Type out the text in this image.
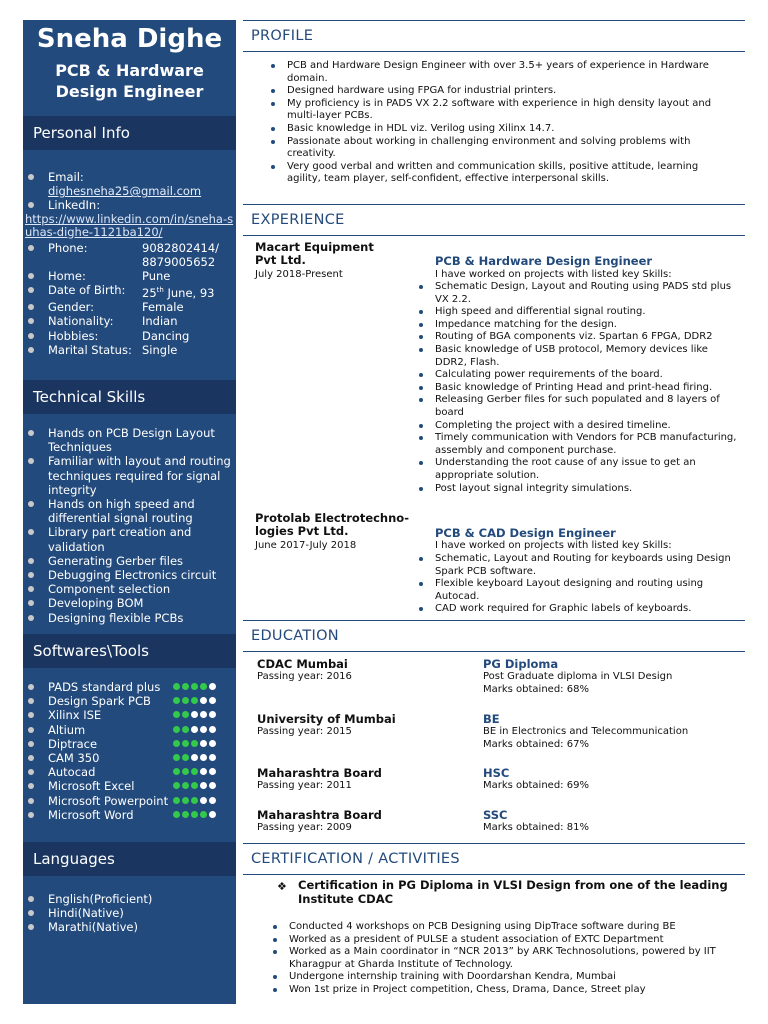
Sneha Dighe
PCB & Hardware
Design Engineer
Personal Info
Email:
dighesneha25@gmail.com
LinkedIn:
https://www.linkedin.com/in/sneha-suhas-dighe-1121ba120/
Phone:	9082802414/
8879005652
Home:	Pune
Date of Birth:	25th June, 93
Gender:	Female
Nationality:	Indian
Hobbies:	Dancing
Marital Status: Single
Technical Skills
Hands on PCB Design Layout Techniques
Familiar with layout and routing techniques required for signal integrity
Hands on high speed and differential signal routing
Library part creation and validation
Generating Gerber files
Debugging Electronics circuit
Component selection
Developing BOM
Designing flexible PCBs
Softwares\Tools
PADS standard plus
Design Spark PCB
Xilinx ISE
Altium
Diptrace
CAM 350
Autocad
Microsoft Excel
Microsoft Powerpoint
Microsoft Word
Languages
English(Proficient)
Hindi(Native)
Marathi(Native)
PROFILE
PCB and Hardware Design Engineer with over 3.5+ years of experience in Hardware domain.
Designed hardware using FPGA for industrial printers.
My proficiency is in PADS VX 2.2 software with experience in high density layout and multi-layer PCBs.
Basic knowledge in HDL viz. Verilog using Xilinx 14.7.
Passionate about working in challenging environment and solving problems with creativity.
Very good verbal and written and communication skills, positive attitude, learning agility, team player, self-confident, effective interpersonal skills.
EXPERIENCE
Macart Equipment
Pvt Ltd.
July 2018-Present
PCB & Hardware Design Engineer
I have worked on projects with listed key Skills:
Schematic Design, Layout and Routing using PADS std plus VX 2.2.
High speed and differential signal routing.
Impedance matching for the design.
Routing of BGA components viz. Spartan 6 FPGA, DDR2
Basic knowledge of USB protocol, Memory devices like DDR2, Flash.
Calculating power requirements of the board.
Basic knowledge of Printing Head and print-head firing.
Releasing Gerber files for such populated and 8 layers of board
Completing the project with a desired timeline.
Timely communication with Vendors for PCB manufacturing, assembly and component purchase.
Understanding the root cause of any issue to get an appropriate solution.
Post layout signal integrity simulations.
Protolab Electrotechno-
logies Pvt Ltd.
June 2017-July 2018
PCB & CAD Design Engineer
I have worked on projects with listed key Skills:
Schematic, Layout and Routing for keyboards using Design Spark PCB software.
Flexible keyboard Layout designing and routing using Autocad.
CAD work required for Graphic labels of keyboards.
EDUCATION
CDAC Mumbai
Passing year: 2016
PG Diploma
Post Graduate diploma in VLSI Design
Marks obtained: 68%
University of Mumbai
Passing year: 2015
BE
BE in Electronics and Telecommunication
Marks obtained: 67%
Maharashtra Board
Passing year: 2011
HSC
Marks obtained: 69%
Maharashtra Board
Passing year: 2009
SSC
Marks obtained: 81%
CERTIFICATION / ACTIVITIES
❖ Certification in PG Diploma in VLSI Design from one of the leading Institute CDAC
Conducted 4 workshops on PCB Designing using DipTrace software during BE
Worked as a president of PULSE a student association of EXTC Department
Worked as a Main coordinator in “NCR 2013” by ARK Technosolutions, powered by IIT Kharagpur at Gharda Institute of Technology.
Undergone internship training with Doordarshan Kendra, Mumbai
Won 1st prize in Project competition, Chess, Drama, Dance, Street play
